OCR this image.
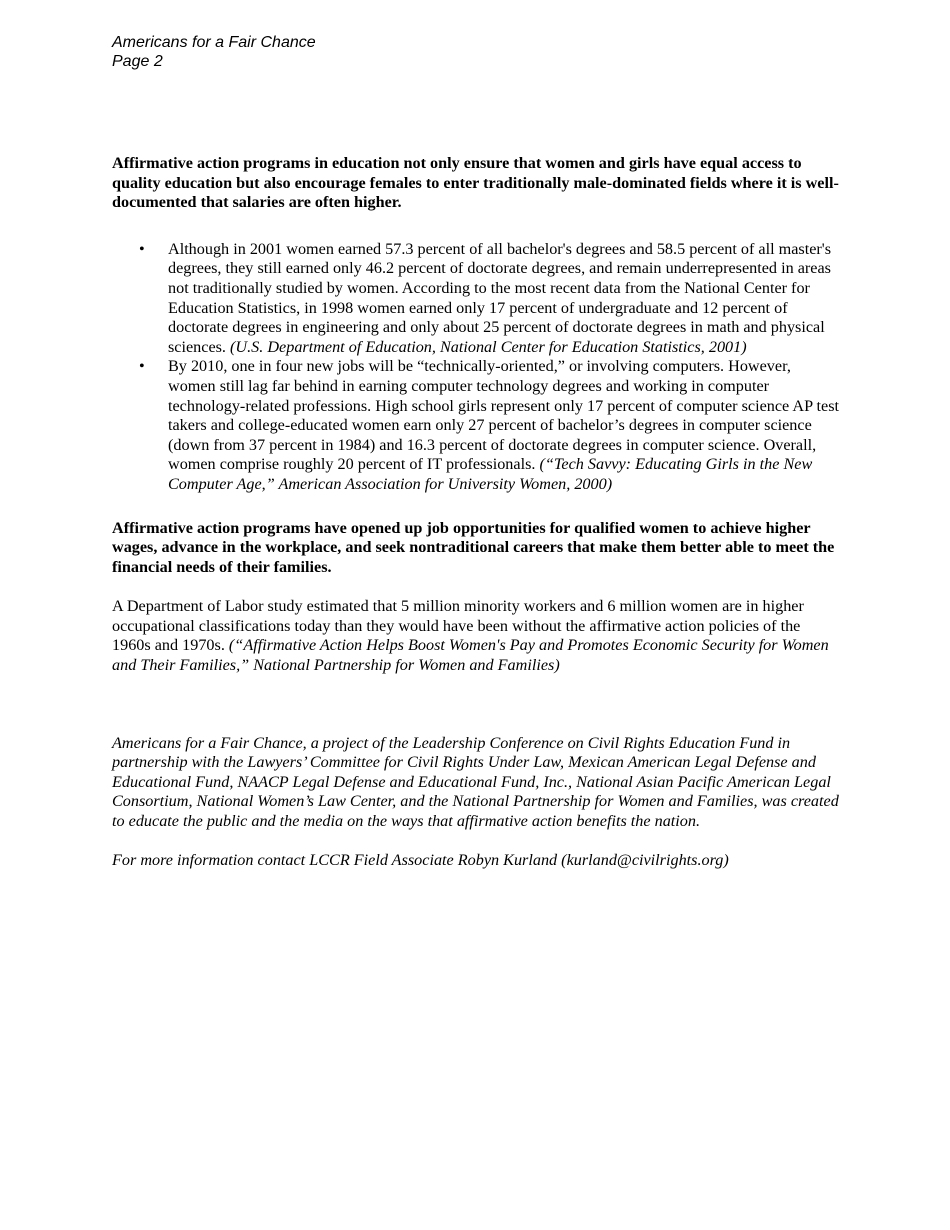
Americans for a Fair Chance
Page 2

Affirmative action programs in education not only ensure that women and girls have equal access to quality education but also encourage females to enter traditionally male-dominated fields where it is well-documented that salaries are often higher.

• Although in 2001 women earned 57.3 percent of all bachelor's degrees and 58.5 percent of all master's degrees, they still earned only 46.2 percent of doctorate degrees, and remain underrepresented in areas not traditionally studied by women. According to the most recent data from the National Center for Education Statistics, in 1998 women earned only 17 percent of undergraduate and 12 percent of doctorate degrees in engineering and only about 25 percent of doctorate degrees in math and physical sciences. (U.S. Department of Education, National Center for Education Statistics, 2001)
• By 2010, one in four new jobs will be “technically-oriented,” or involving computers. However, women still lag far behind in earning computer technology degrees and working in computer technology-related professions. High school girls represent only 17 percent of computer science AP test takers and college-educated women earn only 27 percent of bachelor’s degrees in computer science (down from 37 percent in 1984) and 16.3 percent of doctorate degrees in computer science. Overall, women comprise roughly 20 percent of IT professionals. (“Tech Savvy: Educating Girls in the New Computer Age,” American Association for University Women, 2000)

Affirmative action programs have opened up job opportunities for qualified women to achieve higher wages, advance in the workplace, and seek nontraditional careers that make them better able to meet the financial needs of their families.

A Department of Labor study estimated that 5 million minority workers and 6 million women are in higher occupational classifications today than they would have been without the affirmative action policies of the 1960s and 1970s. (“Affirmative Action Helps Boost Women's Pay and Promotes Economic Security for Women and Their Families,” National Partnership for Women and Families)

Americans for a Fair Chance, a project of the Leadership Conference on Civil Rights Education Fund in partnership with the Lawyers’ Committee for Civil Rights Under Law, Mexican American Legal Defense and Educational Fund, NAACP Legal Defense and Educational Fund, Inc., National Asian Pacific American Legal Consortium, National Women’s Law Center, and the National Partnership for Women and Families, was created to educate the public and the media on the ways that affirmative action benefits the nation.

For more information contact LCCR Field Associate Robyn Kurland (kurland@civilrights.org)
